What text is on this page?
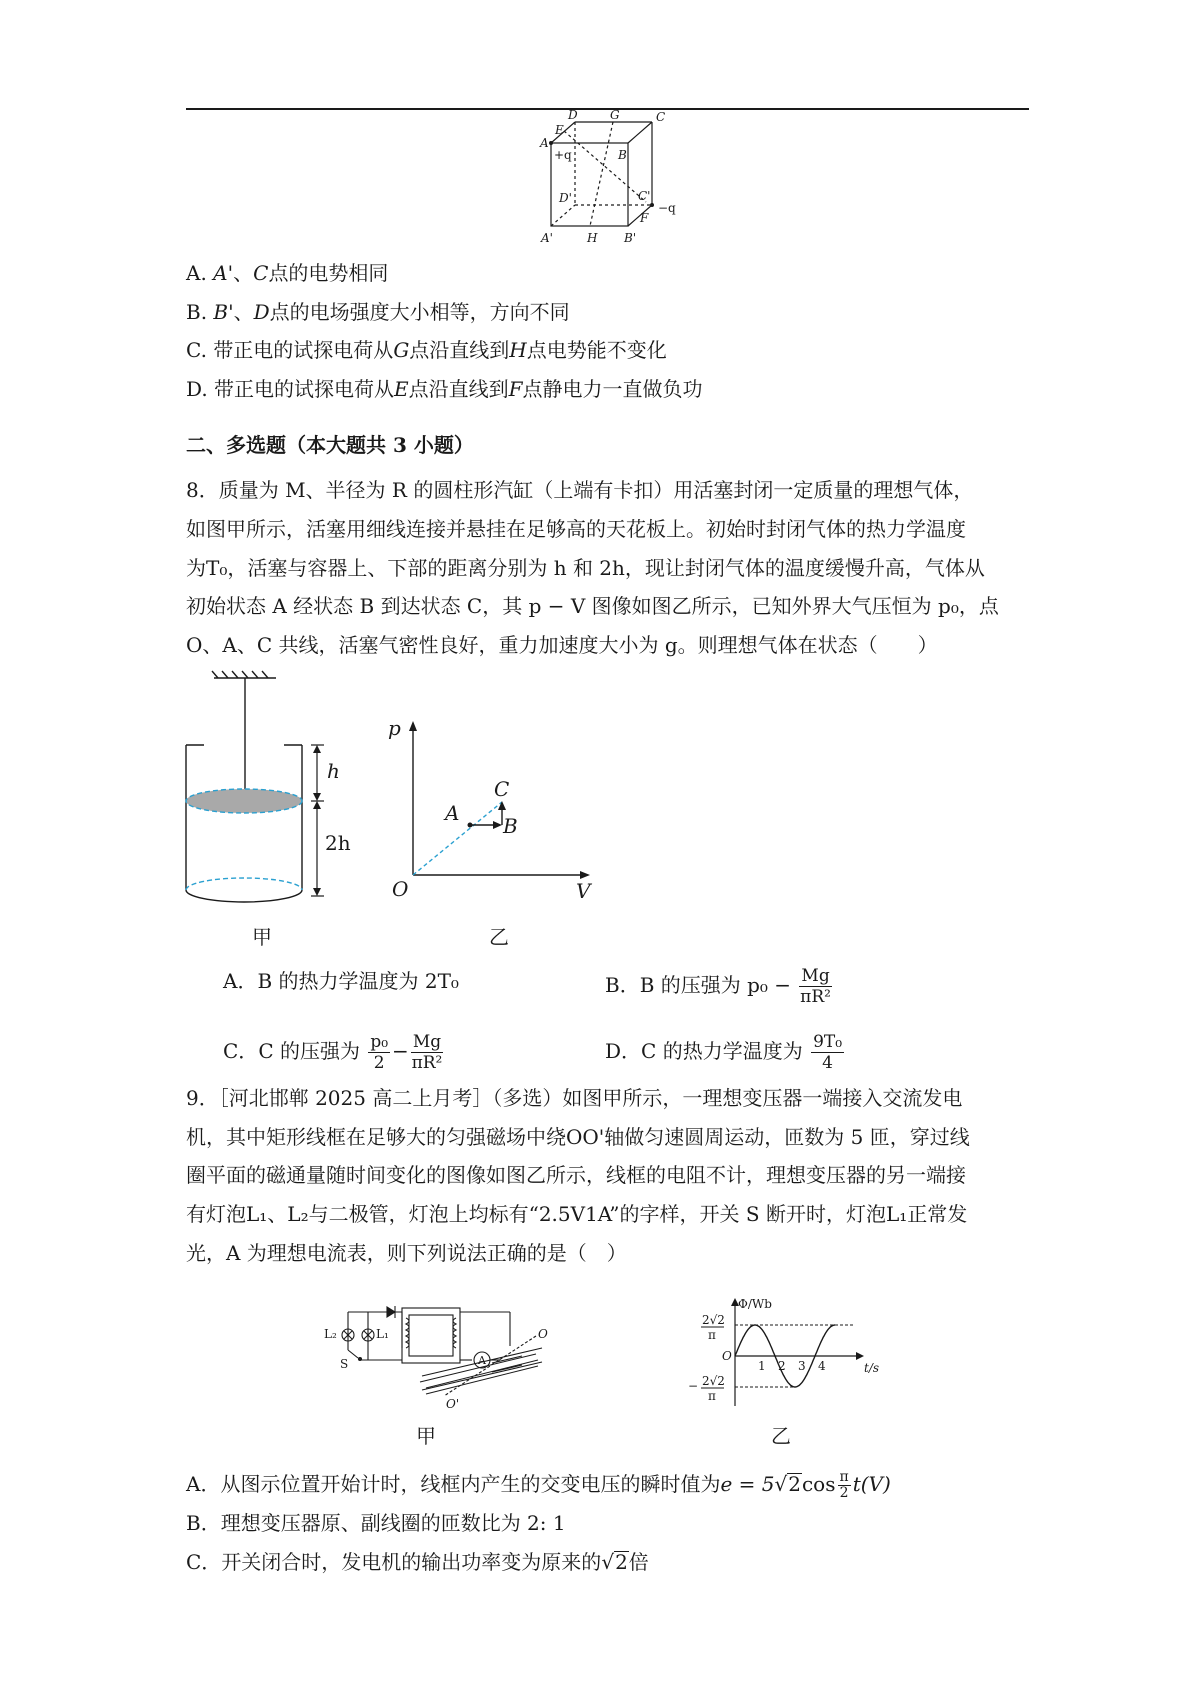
D	G	C
E
A
+q	B
D'	C'
−q
F
A'	H B'
A. A'、C点的电势相同
B. B'、D点的电场强度大小相等，方向不同
C. 带正电的试探电荷从G点沿直线到H点电势能不变化
D. 带正电的试探电荷从E点沿直线到F点静电力一直做负功
二、多选题（本大题共 3 小题）
8．质量为 M、半径为 R 的圆柱形汽缸（上端有卡扣）用活塞封闭一定质量的理想气体，
如图甲所示，活塞用细线连接并悬挂在足够高的天花板上。初始时封闭气体的热力学温度
为T₀，活塞与容器上、下部的距离分别为 h 和 2h，现让封闭气体的温度缓慢升高，气体从
初始状态 A 经状态 B 到达状态 C，其 p − V 图像如图乙所示，已知外界大气压恒为 p₀，点
O、A、C 共线，活塞气密性良好，重力加速度大小为 g。则理想气体在状态（　　）
h
2h
甲
p
V
O
A
B
C
乙
A．B 的热力学温度为 2T₀	B．B 的压强为 $p_0 - \frac{Mg}{\text{πR²}}$
C．C 的压强为 $\frac{\text{p₀}}{2} - \frac{Mg}{\text{πR²}}$	D．C 的热力学温度为 $\frac{\text{9T₀}}{4}$
9．［河北邯郸 2025 高二上月考］（多选）如图甲所示，一理想变压器一端接入交流发电
机，其中矩形线框在足够大的匀强磁场中绕OO'轴做匀速圆周运动，匝数为 5 匝，穿过线
圈平面的磁通量随时间变化的图像如图乙所示，线框的电阻不计，理想变压器的另一端接
有灯泡L₁、L₂与二极管，灯泡上均标有“2.5V1A”的字样，开关 S 断开时，灯泡L₁正常发
光，A 为理想电流表，则下列说法正确的是（　）
L₂	L₁
S	A
O
O'
甲
Φ/Wb
t/s
O
2√2
π
− 2√2
π
1 2 3 4
乙
A．从图示位置开始计时，线框内产生的交变电压的瞬时值为$e = 5√2\cos \frac{\pi}{2} t(V)$
B．理想变压器原、副线圈的匝数比为 2: 1
C．开关闭合时，发电机的输出功率变为原来的√2倍
